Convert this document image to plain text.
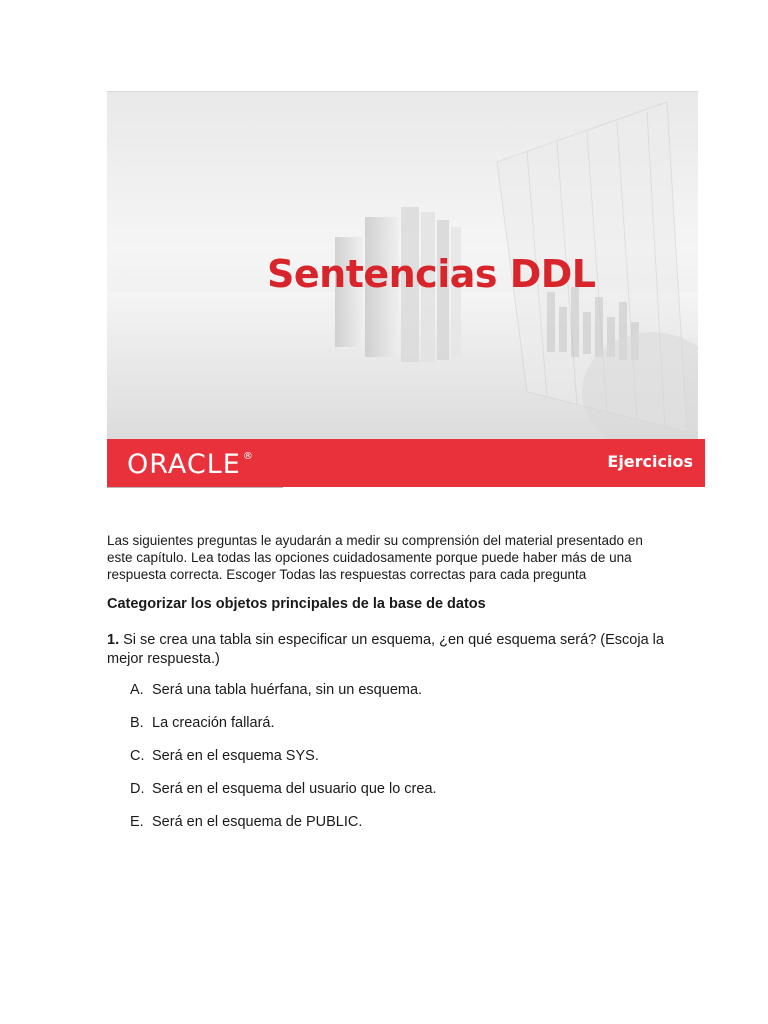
Sentencias DDL
ORACLE ®	Ejercicios

Las siguientes preguntas le ayudarán a medir su comprensión del material presentado en este capítulo. Lea todas las opciones cuidadosamente porque puede haber más de una respuesta correcta. Escoger Todas las respuestas correctas para cada pregunta

Categorizar los objetos principales de la base de datos

1. Si se crea una tabla sin especificar un esquema, ¿en qué esquema será? (Escoja la mejor respuesta.)

A. Será una tabla huérfana, sin un esquema.
B. La creación fallará.
C. Será en el esquema SYS.
D. Será en el esquema del usuario que lo crea.
E. Será en el esquema de PUBLIC.
